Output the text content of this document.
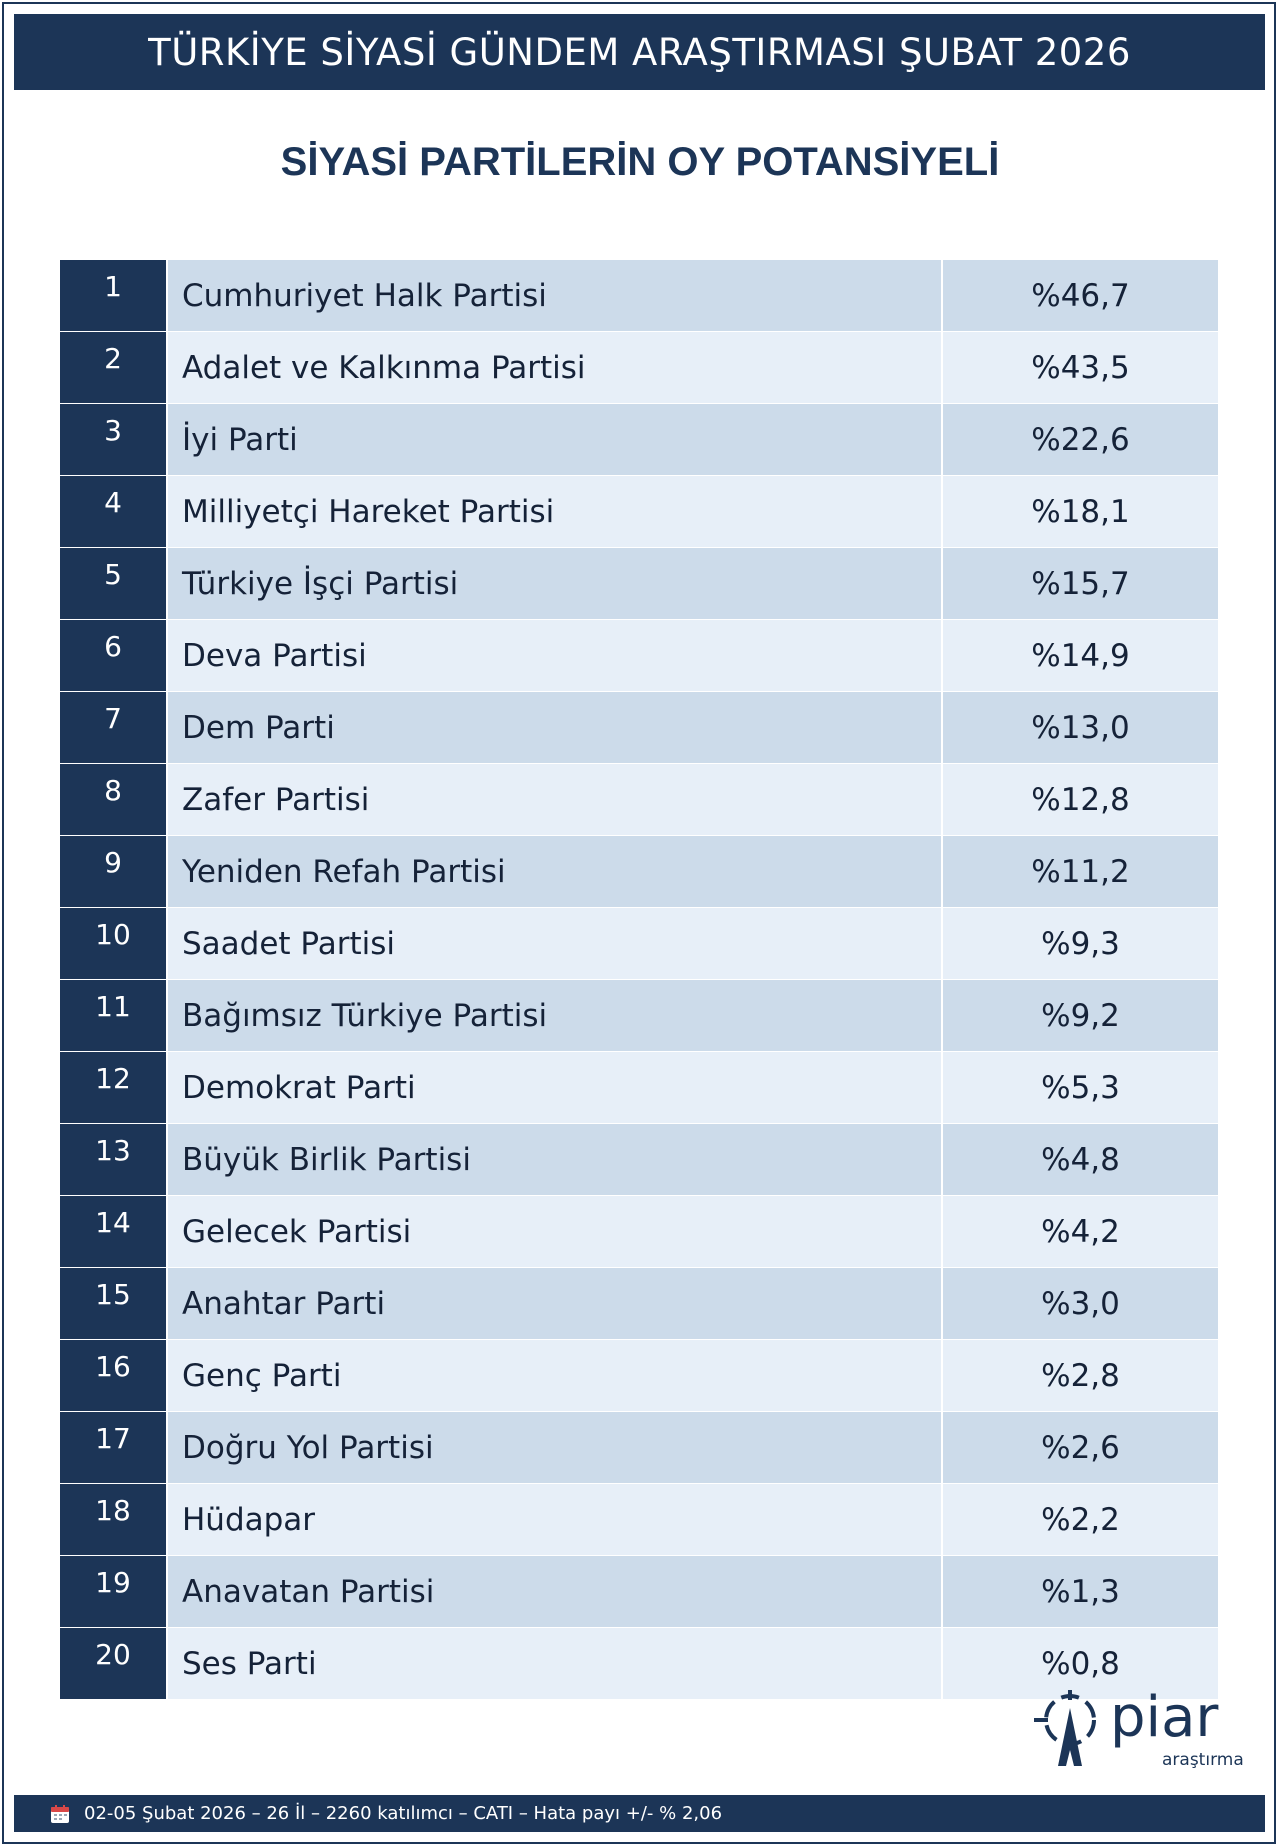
TÜRKİYE SİYASİ GÜNDEM ARAŞTIRMASI ŞUBAT 2026
SİYASİ PARTİLERİN OY POTANSİYELİ
1	Cumhuriyet Halk Partisi	%46,7
2	Adalet ve Kalkınma Partisi	%43,5
3	İyi Parti	%22,6
4	Milliyetçi Hareket Partisi	%18,1
5	Türkiye İşçi Partisi	%15,7
6	Deva Partisi	%14,9
7	Dem Parti	%13,0
8	Zafer Partisi	%12,8
9	Yeniden Refah Partisi	%11,2
10	Saadet Partisi	%9,3
11	Bağımsız Türkiye Partisi	%9,2
12	Demokrat Parti	%5,3
13	Büyük Birlik Partisi	%4,8
14	Gelecek Partisi	%4,2
15	Anahtar Parti	%3,0
16	Genç Parti	%2,8
17	Doğru Yol Partisi	%2,6
18	Hüdapar	%2,2
19	Anavatan Partisi	%1,3
20	Ses Parti	%0,8
piar
araştırma
02-05 Şubat 2026 – 26 İl – 2260 katılımcı – CATI – Hata payı +/- % 2,06
